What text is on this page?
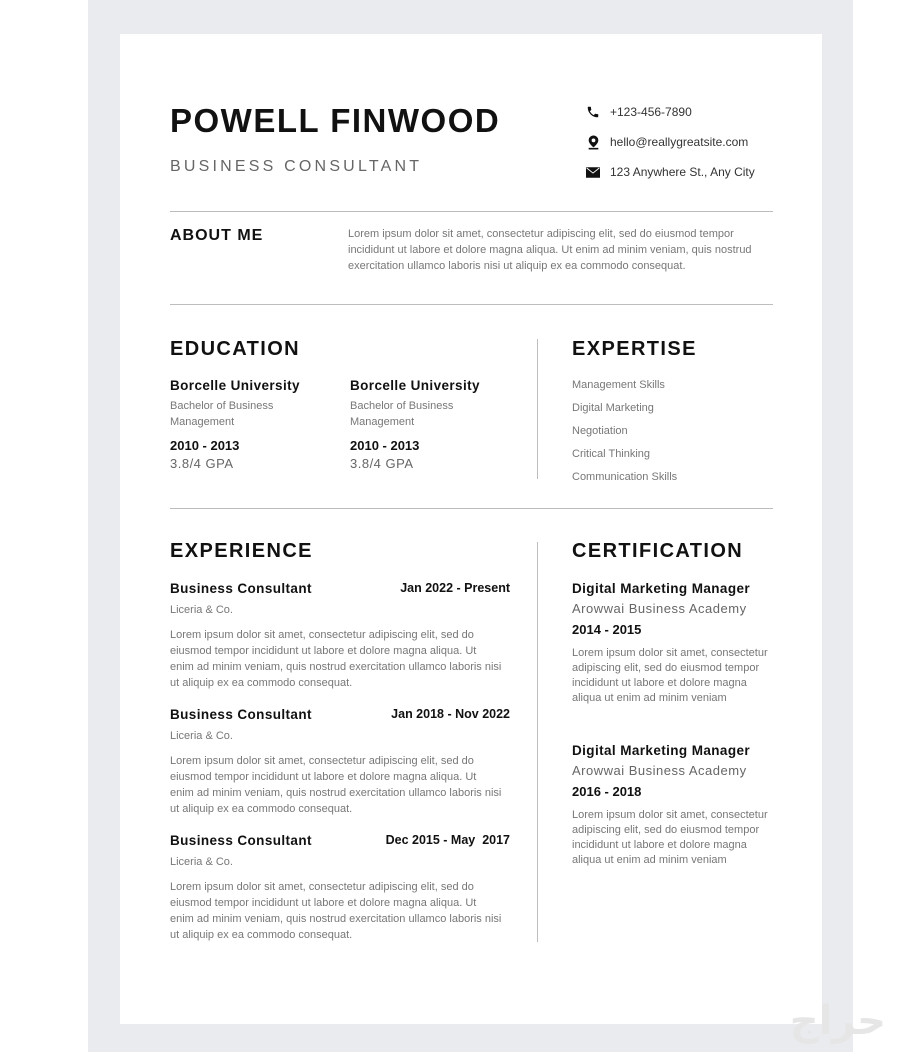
POWELL FINWOOD
BUSINESS CONSULTANT
+123-456-7890
hello@reallygreatsite.com
123 Anywhere St., Any City
ABOUT ME	Lorem ipsum dolor sit amet, consectetur adipiscing elit, sed do eiusmod tempor
incididunt ut labore et dolore magna aliqua. Ut enim ad minim veniam, quis nostrud
exercitation ullamco laboris nisi ut aliquip ex ea commodo consequat.
EDUCATION
Borcelle University
Bachelor of Business
Management
2010 - 2013
3.8/4 GPA
Borcelle University
Bachelor of Business
Management
2010 - 2013
3.8/4 GPA
EXPERTISE
Management Skills
Digital Marketing
Negotiation
Critical Thinking
Communication Skills
EXPERIENCE
Business Consultant	Jan 2022 - Present
Liceria & Co.
Lorem ipsum dolor sit amet, consectetur adipiscing elit, sed do
eiusmod tempor incididunt ut labore et dolore magna aliqua. Ut
enim ad minim veniam, quis nostrud exercitation ullamco laboris nisi
ut aliquip ex ea commodo consequat.
Business Consultant	Jan 2018 - Nov 2022
Liceria & Co.
Lorem ipsum dolor sit amet, consectetur adipiscing elit, sed do
eiusmod tempor incididunt ut labore et dolore magna aliqua. Ut
enim ad minim veniam, quis nostrud exercitation ullamco laboris nisi
ut aliquip ex ea commodo consequat.
Business Consultant	Dec 2015 - May  2017
Liceria & Co.
Lorem ipsum dolor sit amet, consectetur adipiscing elit, sed do
eiusmod tempor incididunt ut labore et dolore magna aliqua. Ut
enim ad minim veniam, quis nostrud exercitation ullamco laboris nisi
ut aliquip ex ea commodo consequat.
CERTIFICATION
Digital Marketing Manager
Arowwai Business Academy
2014 - 2015
Lorem ipsum dolor sit amet, consectetur
adipiscing elit, sed do eiusmod tempor
incididunt ut labore et dolore magna
aliqua ut enim ad minim veniam
Digital Marketing Manager
Arowwai Business Academy
2016 - 2018
Lorem ipsum dolor sit amet, consectetur
adipiscing elit, sed do eiusmod tempor
incididunt ut labore et dolore magna
aliqua ut enim ad minim veniam
حراج
